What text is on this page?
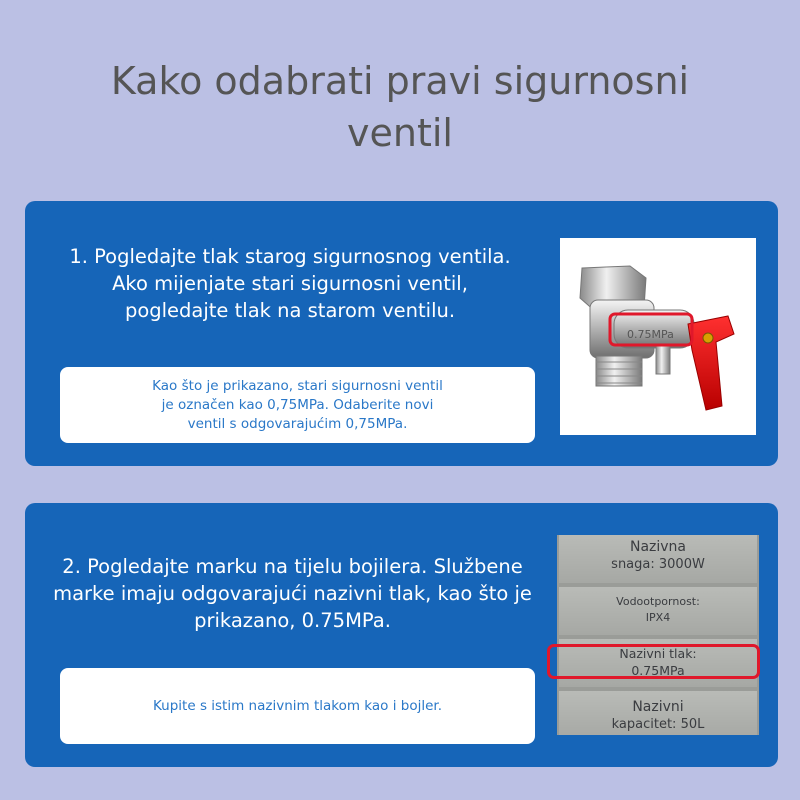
Kako odabrati pravi sigurnosni
ventil
1. Pogledajte tlak starog sigurnosnog ventila.
Ako mijenjate stari sigurnosni ventil,
pogledajte tlak na starom ventilu.
Kao što je prikazano, stari sigurnosni ventil
je označen kao 0,75MPa. Odaberite novi
ventil s odgovarajućim 0,75MPa.
0.75MPa
2. Pogledajte marku na tijelu bojilera. Službene
marke imaju odgovarajući nazivni tlak, kao što je
prikazano, 0.75MPa.
Kupite s istim nazivnim tlakom kao i bojler.
Nazivna
snaga: 3000W
Vodootpornost:
IPX4
Nazivni tlak:
0.75MPa
Nazivni
kapacitet: 50L
